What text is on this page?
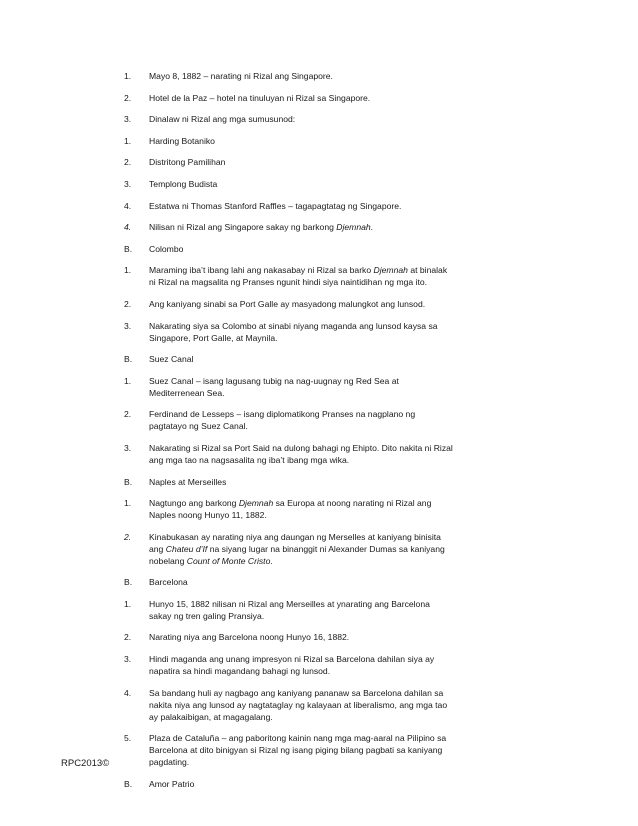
1.	Mayo 8, 1882 – narating ni Rizal ang Singapore.
2.	Hotel de la Paz – hotel na tinuluyan ni Rizal sa Singapore.
3.	Dinalaw ni Rizal ang mga sumusunod:
1.	Harding Botaniko
2.	Distritong Pamilihan
3.	Templong Budista
4.	Estatwa ni Thomas Stanford Raffles – tagapagtatag ng Singapore.
4.	Nilisan ni Rizal ang Singapore sakay ng barkong Djemnah.
B.	Colombo
1.	Maraming iba’t ibang lahi ang nakasabay ni Rizal sa barko Djemnah at binalak ni Rizal na magsalita ng Pranses ngunit hindi siya naintidihan ng mga ito.
2.	Ang kaniyang sinabi sa Port Galle ay masyadong malungkot ang lunsod.
3.	Nakarating siya sa Colombo at sinabi niyang maganda ang lunsod kaysa sa Singapore, Port Galle, at Maynila.
B.	Suez Canal
1.	Suez Canal – isang lagusang tubig na nag-uugnay ng Red Sea at Mediterrenean Sea.
2.	Ferdinand de Lesseps – isang diplomatikong Pranses na nagplano ng pagtatayo ng Suez Canal.
3.	Nakarating si Rizal sa Port Said na dulong bahagi ng Ehipto. Dito nakita ni Rizal ang mga tao na nagsasalita ng iba’t ibang mga wika.
B.	Naples at Merseilles
1.	Nagtungo ang barkong Djemnah sa Europa at noong narating ni Rizal ang Naples noong Hunyo 11, 1882.
2.	Kinabukasan ay narating niya ang daungan ng Merselles at kaniyang binisita ang Chateu d’If na siyang lugar na binanggit ni Alexander Dumas sa kaniyang nobelang Count of Monte Cristo.
B.	Barcelona
1.	Hunyo 15, 1882 nilisan ni Rizal ang Merseilles at ynarating ang Barcelona sakay ng tren galing Pransiya.
2.	Narating niya ang Barcelona noong Hunyo 16, 1882.
3.	Hindi maganda ang unang impresyon ni Rizal sa Barcelona dahilan siya ay napatira sa hindi magandang bahagi ng lunsod.
4.	Sa bandang huli ay nagbago ang kaniyang pananaw sa Barcelona dahilan sa nakita niya ang lunsod ay nagtataglay ng kalayaan at liberalismo, ang mga tao ay palakaibigan, at magagalang.
5.	Plaza de Cataluña – ang paboritong kainin nang mga mag-aaral na Pilipino sa Barcelona at dito binigyan si Rizal ng isang piging bilang pagbati sa kaniyang pagdating.
B.	Amor Patrio
RPC2013©
